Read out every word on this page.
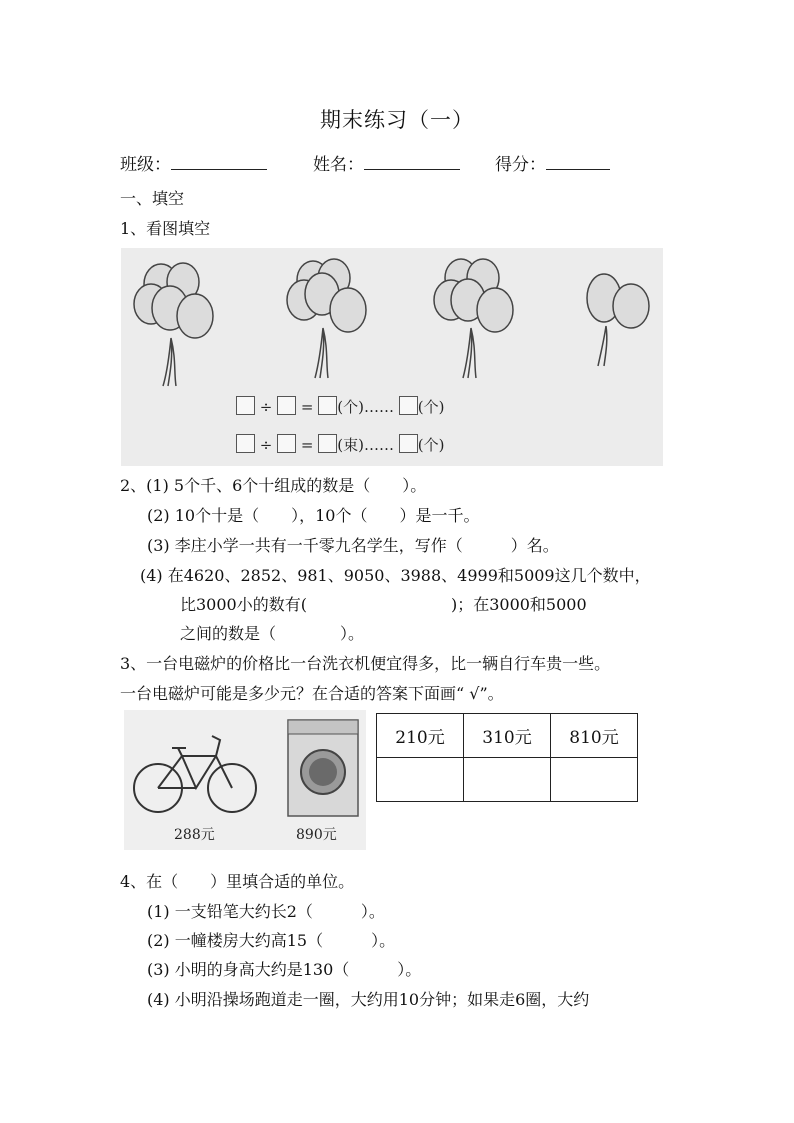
期末练习（一）
班级：	姓名：	得分：
一、填空
1、看图填空
÷ = (个)…… (个)
÷ = (束)…… (个)
2、(1) 5个千、6个十组成的数是（　　）。
(2) 10个十是（　　），10个（　　）是一千。
(3) 李庄小学一共有一千零九名学生，写作（　　　）名。
(4) 在4620、2852、981、9050、3988、4999和5009这几个数中，
比3000小的数有(　　　　　　　　　)；在3000和5000
之间的数是（　　　　）。
3、一台电磁炉的价格比一台洗衣机便宜得多，比一辆自行车贵一些。
一台电磁炉可能是多少元？在合适的答案下面画“ √”。
288元	890元
210元	310元	810元

4、在（　　）里填合适的单位。
(1) 一支铅笔大约长2（　　　）。
(2) 一幢楼房大约高15（　　　）。
(3) 小明的身高大约是130（　　　）。
(4) 小明沿操场跑道走一圈，大约用10分钟；如果走6圈，大约
